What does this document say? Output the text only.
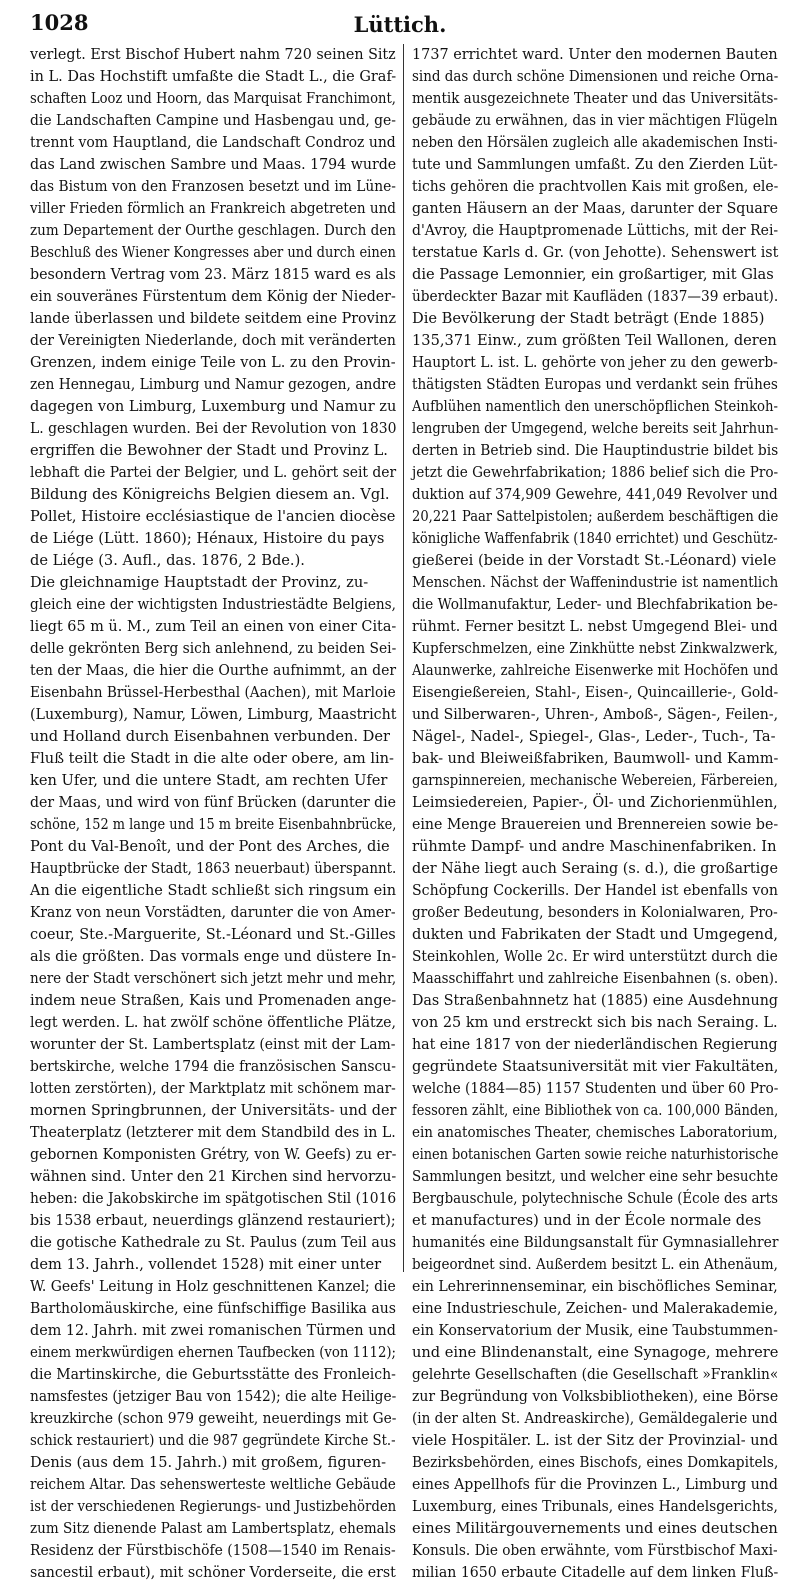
1028	Lüttich.
verlegt. Erst Bischof Hubert nahm 720 seinen Sitz
in L. Das Hochstift umfaßte die Stadt L., die Graf-
schaften Looz und Hoorn, das Marquisat Franchimont,
die Landschaften Campine und Hasbengau und, ge-
trennt vom Hauptland, die Landschaft Condroz und
das Land zwischen Sambre und Maas. 1794 wurde
das Bistum von den Franzosen besetzt und im Lüne-
viller Frieden förmlich an Frankreich abgetreten und
zum Departement der Ourthe geschlagen. Durch den
Beschluß des Wiener Kongresses aber und durch einen
besondern Vertrag vom 23. März 1815 ward es als
ein souveränes Fürstentum dem König der Nieder-
lande überlassen und bildete seitdem eine Provinz
der Vereinigten Niederlande, doch mit veränderten
Grenzen, indem einige Teile von L. zu den Provin-
zen Hennegau, Limburg und Namur gezogen, andre
dagegen von Limburg, Luxemburg und Namur zu
L. geschlagen wurden. Bei der Revolution von 1830
ergriffen die Bewohner der Stadt und Provinz L.
lebhaft die Partei der Belgier, und L. gehört seit der
Bildung des Königreichs Belgien diesem an. Vgl.
Pollet, Histoire ecclésiastique de l'ancien diocèse
de Liége (Lütt. 1860); Hénaux, Histoire du pays
de Liége (3. Aufl., das. 1876, 2 Bde.).
Die gleichnamige Hauptstadt der Provinz, zu-
gleich eine der wichtigsten Industriestädte Belgiens,
liegt 65 m ü. M., zum Teil an einen von einer Cita-
delle gekrönten Berg sich anlehnend, zu beiden Sei-
ten der Maas, die hier die Ourthe aufnimmt, an der
Eisenbahn Brüssel-Herbesthal (Aachen), mit Marloie
(Luxemburg), Namur, Löwen, Limburg, Maastricht
und Holland durch Eisenbahnen verbunden. Der
Fluß teilt die Stadt in die alte oder obere, am lin-
ken Ufer, und die untere Stadt, am rechten Ufer
der Maas, und wird von fünf Brücken (darunter die
schöne, 152 m lange und 15 m breite Eisenbahnbrücke,
Pont du Val-Benoît, und der Pont des Arches, die
Hauptbrücke der Stadt, 1863 neuerbaut) überspannt.
An die eigentliche Stadt schließt sich ringsum ein
Kranz von neun Vorstädten, darunter die von Amer-
coeur, Ste.-Marguerite, St.-Léonard und St.-Gilles
als die größten. Das vormals enge und düstere In-
nere der Stadt verschönert sich jetzt mehr und mehr,
indem neue Straßen, Kais und Promenaden ange-
legt werden. L. hat zwölf schöne öffentliche Plätze,
worunter der St. Lambertsplatz (einst mit der Lam-
bertskirche, welche 1794 die französischen Sanscu-
lotten zerstörten), der Marktplatz mit schönem mar-
mornen Springbrunnen, der Universitäts- und der
Theaterplatz (letzterer mit dem Standbild des in L.
gebornen Komponisten Grétry, von W. Geefs) zu er-
wähnen sind. Unter den 21 Kirchen sind hervorzu-
heben: die Jakobskirche im spätgotischen Stil (1016
bis 1538 erbaut, neuerdings glänzend restauriert);
die gotische Kathedrale zu St. Paulus (zum Teil aus
dem 13. Jahrh., vollendet 1528) mit einer unter
W. Geefs' Leitung in Holz geschnittenen Kanzel; die
Bartholomäuskirche, eine fünfschiffige Basilika aus
dem 12. Jahrh. mit zwei romanischen Türmen und
einem merkwürdigen ehernen Taufbecken (von 1112);
die Martinskirche, die Geburtsstätte des Fronleich-
namsfestes (jetziger Bau von 1542); die alte Heilige-
kreuzkirche (schon 979 geweiht, neuerdings mit Ge-
schick restauriert) und die 987 gegründete Kirche St.-
Denis (aus dem 15. Jahrh.) mit großem, figuren-
reichem Altar. Das sehenswerteste weltliche Gebäude
ist der verschiedenen Regierungs- und Justizbehörden
zum Sitz dienende Palast am Lambertsplatz, ehemals
Residenz der Fürstbischöfe (1508—1540 im Renais-
sancestil erbaut), mit schöner Vorderseite, die erst
1737 errichtet ward. Unter den modernen Bauten
sind das durch schöne Dimensionen und reiche Orna-
mentik ausgezeichnete Theater und das Universitäts-
gebäude zu erwähnen, das in vier mächtigen Flügeln
neben den Hörsälen zugleich alle akademischen Insti-
tute und Sammlungen umfaßt. Zu den Zierden Lüt-
tichs gehören die prachtvollen Kais mit großen, ele-
ganten Häusern an der Maas, darunter der Square
d'Avroy, die Hauptpromenade Lüttichs, mit der Rei-
terstatue Karls d. Gr. (von Jehotte). Sehenswert ist
die Passage Lemonnier, ein großartiger, mit Glas
überdeckter Bazar mit Kaufläden (1837—39 erbaut).
Die Bevölkerung der Stadt beträgt (Ende 1885)
135,371 Einw., zum größten Teil Wallonen, deren
Hauptort L. ist. L. gehörte von jeher zu den gewerb-
thätigsten Städten Europas und verdankt sein frühes
Aufblühen namentlich den unerschöpflichen Steinkoh-
lengruben der Umgegend, welche bereits seit Jahrhun-
derten in Betrieb sind. Die Hauptindustrie bildet bis
jetzt die Gewehrfabrikation; 1886 belief sich die Pro-
duktion auf 374,909 Gewehre, 441,049 Revolver und
20,221 Paar Sattelpistolen; außerdem beschäftigen die
königliche Waffenfabrik (1840 errichtet) und Geschütz-
gießerei (beide in der Vorstadt St.-Léonard) viele
Menschen. Nächst der Waffenindustrie ist namentlich
die Wollmanufaktur, Leder- und Blechfabrikation be-
rühmt. Ferner besitzt L. nebst Umgegend Blei- und
Kupferschmelzen, eine Zinkhütte nebst Zinkwalzwerk,
Alaunwerke, zahlreiche Eisenwerke mit Hochöfen und
Eisengießereien, Stahl-, Eisen-, Quincaillerie-, Gold-
und Silberwaren-, Uhren-, Amboß-, Sägen-, Feilen-,
Nägel-, Nadel-, Spiegel-, Glas-, Leder-, Tuch-, Ta-
bak- und Bleiweißfabriken, Baumwoll- und Kamm-
garnspinnereien, mechanische Webereien, Färbereien,
Leimsiedereien, Papier-, Öl- und Zichorienmühlen,
eine Menge Brauereien und Brennereien sowie be-
rühmte Dampf- und andre Maschinenfabriken. In
der Nähe liegt auch Seraing (s. d.), die großartige
Schöpfung Cockerills. Der Handel ist ebenfalls von
großer Bedeutung, besonders in Kolonialwaren, Pro-
dukten und Fabrikaten der Stadt und Umgegend,
Steinkohlen, Wolle 2c. Er wird unterstützt durch die
Maasschiffahrt und zahlreiche Eisenbahnen (s. oben).
Das Straßenbahnnetz hat (1885) eine Ausdehnung
von 25 km und erstreckt sich bis nach Seraing. L.
hat eine 1817 von der niederländischen Regierung
gegründete Staatsuniversität mit vier Fakultäten,
welche (1884—85) 1157 Studenten und über 60 Pro-
fessoren zählt, eine Bibliothek von ca. 100,000 Bänden,
ein anatomisches Theater, chemisches Laboratorium,
einen botanischen Garten sowie reiche naturhistorische
Sammlungen besitzt, und welcher eine sehr besuchte
Bergbauschule, polytechnische Schule (École des arts
et manufactures) und in der École normale des
humanités eine Bildungsanstalt für Gymnasiallehrer
beigeordnet sind. Außerdem besitzt L. ein Athenäum,
ein Lehrerinnenseminar, ein bischöfliches Seminar,
eine Industrieschule, Zeichen- und Malerakademie,
ein Konservatorium der Musik, eine Taubstummen-
und eine Blindenanstalt, eine Synagoge, mehrere
gelehrte Gesellschaften (die Gesellschaft »Franklin«
zur Begründung von Volksbibliotheken), eine Börse
(in der alten St. Andreaskirche), Gemäldegalerie und
viele Hospitäler. L. ist der Sitz der Provinzial- und
Bezirksbehörden, eines Bischofs, eines Domkapitels,
eines Appellhofs für die Provinzen L., Limburg und
Luxemburg, eines Tribunals, eines Handelsgerichts,
eines Militärgouvernements und eines deutschen
Konsuls. Die oben erwähnte, vom Fürstbischof Maxi-
milian 1650 erbaute Citadelle auf dem linken Fluß-
